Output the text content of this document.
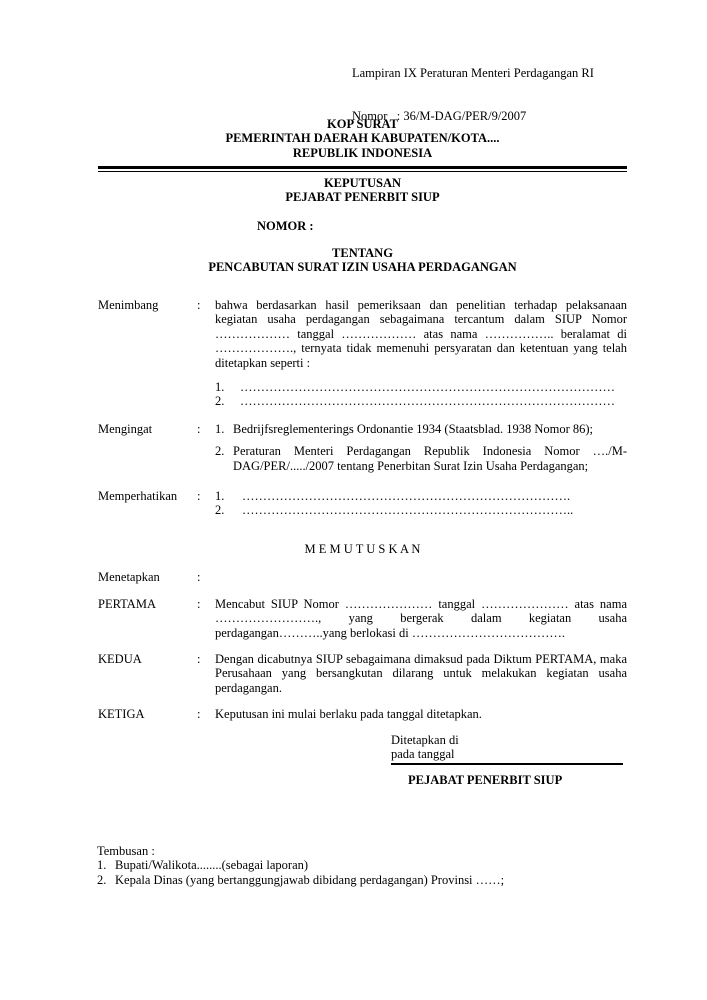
Lampiran IX Peraturan Menteri Perdagangan RI

Nomor   : 36/M-DAG/PER/9/2007

KOP SURAT
PEMERINTAH DAERAH KABUPATEN/KOTA....
REPUBLIK INDONESIA
KEPUTUSAN
PEJABAT PENERBIT SIUP
NOMOR :
TENTANG
PENCABUTAN SURAT IZIN USAHA PERDAGANGAN
Menimbang	:	bahwa berdasarkan hasil pemeriksaan dan penelitian terhadap pelaksanaan kegiatan usaha perdagangan sebagaimana tercantum dalam SIUP Nomor ……………… tanggal ……………… atas nama …………….. beralamat di ………………., ternyata tidak memenuhi persyaratan dan ketentuan yang telah ditetapkan seperti :
1.	………………………………………………………………………………
2.	………………………………………………………………………………
Mengingat	:	1. Bedrijfsreglementerings Ordonantie 1934 (Staatsblad. 1938 Nomor 86);
2. Peraturan Menteri Perdagangan Republik Indonesia Nomor …./M-DAG/PER/...../2007 tentang Penerbitan Surat Izin Usaha Perdagangan;
Memperhatikan	:	1.	…………………………………………………………………….
2.	……………………………………………………………………..
M E M U T U S K A N
Menetapkan	:
PERTAMA	:	Mencabut SIUP Nomor ………………… tanggal ………………… atas nama ……………………., yang bergerak dalam kegiatan usaha perdagangan………..yang berlokasi di ……………………………….
KEDUA	:	Dengan dicabutnya SIUP sebagaimana dimaksud pada Diktum PERTAMA, maka Perusahaan yang bersangkutan dilarang untuk melakukan kegiatan usaha perdagangan.
KETIGA	:	Keputusan ini mulai berlaku pada tanggal ditetapkan.
Ditetapkan di
pada tanggal
PEJABAT PENERBIT SIUP
Tembusan :
1. Bupati/Walikota........(sebagai laporan)
2. Kepala Dinas (yang bertanggungjawab dibidang perdagangan) Provinsi ……;
